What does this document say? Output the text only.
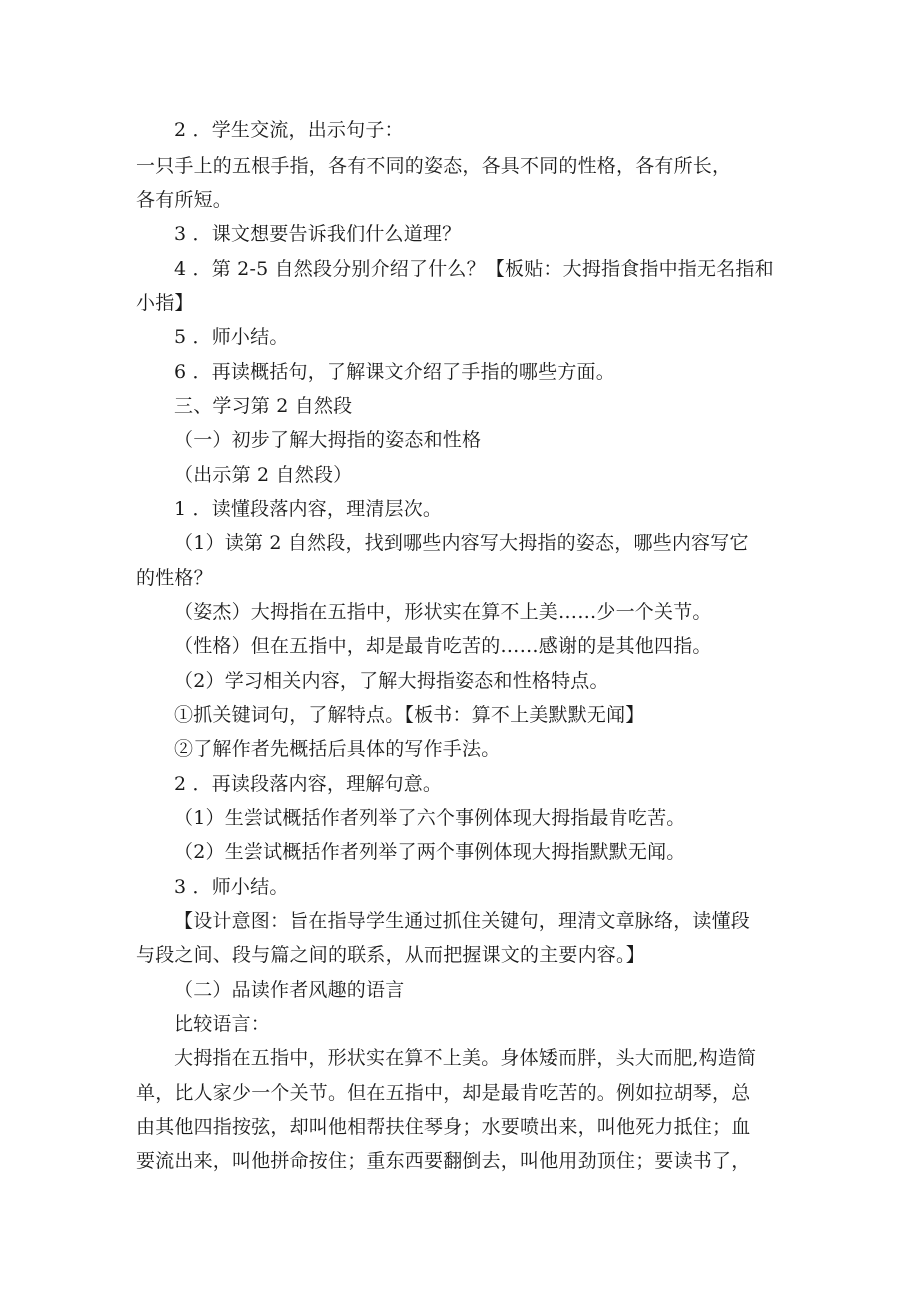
2 ．学生交流，出示句子：
一只手上的五根手指，各有不同的姿态，各具不同的性格，各有所长，
各有所短。
3 ．课文想要告诉我们什么道理？
4 ．第 2-5 自然段分别介绍了什么？【板贴：大拇指食指中指无名指和
小指】
5 ．师小结。
6 ．再读概括句，了解课文介绍了手指的哪些方面。
三、学习第 2 自然段
（一）初步了解大拇指的姿态和性格
（出示第 2 自然段）
1 ．读懂段落内容，理清层次。
（1）读第 2 自然段，找到哪些内容写大拇指的姿态，哪些内容写它
的性格？
（姿杰）大拇指在五指中，形状实在算不上美……少一个关节。
（性格）但在五指中，却是最肯吃苦的……感谢的是其他四指。
（2）学习相关内容，了解大拇指姿态和性格特点。
①抓关键词句，了解特点。【板书：算不上美默默无闻】
②了解作者先概括后具体的写作手法。
2 ．再读段落内容，理解句意。
（1）生尝试概括作者列举了六个事例体现大拇指最肯吃苦。
（2）生尝试概括作者列举了两个事例体现大拇指默默无闻。
3 ．师小结。
【设计意图：旨在指导学生通过抓住关键句，理清文章脉络，读懂段
与段之间、段与篇之间的联系，从而把握课文的主要内容。】
（二）品读作者风趣的语言
比较语言：
大拇指在五指中，形状实在算不上美。身体矮而胖，头大而肥,构造简
单，比人家少一个关节。但在五指中，却是最肯吃苦的。例如拉胡琴，总
由其他四指按弦，却叫他相帮扶住琴身；水要喷出来，叫他死力抵住；血
要流出来，叫他拼命按住；重东西要翻倒去，叫他用劲顶住；要读书了，
